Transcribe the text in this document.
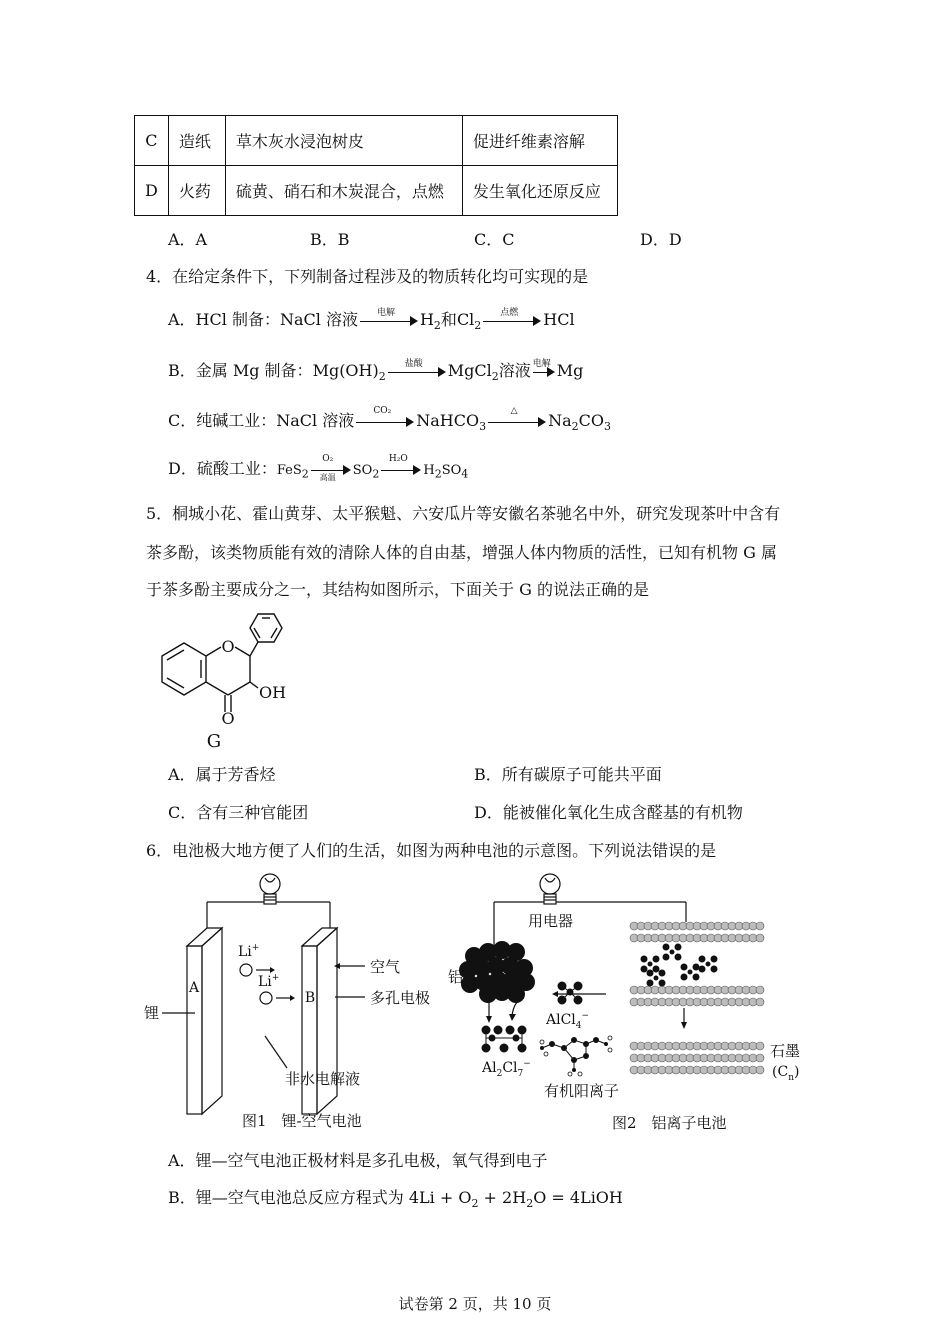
C	造纸	草木灰水浸泡树皮	促进纤维素溶解
D	火药	硫黄、硝石和木炭混合，点燃	发生氧化还原反应
A．A	B．B	C．C	D．D
4．在给定条件下，下列制备过程涉及的物质转化均可实现的是
A．HCl 制备：NaCl 溶液	电解	$H_2$和$Cl_2$
点燃	HCl
B．金属 Mg 制备：$Mg(OH)_2$
盐酸	MgCl$_2$溶液 电解 Mg
C．纯碱工业：NaCl 溶液
CO₂
NaHCO$_3$
△
$Na_2CO_3$
D．硫酸工业：FeS$_2$
O₂
高温	$SO_2$
H₂O
$H_2SO_4$
5．桐城小花、霍山黄芽、太平猴魁、六安瓜片等安徽名茶驰名中外，研究发现茶叶中含有
茶多酚，该类物质能有效的清除人体的自由基，增强人体内物质的活性，已知有机物 G 属
于茶多酚主要成分之一，其结构如图所示，下面关于 G 的说法正确的是
O
OH
O
G
A．属于芳香烃	B．所有碳原子可能共平面
C．含有三种官能团	D．能被催化氧化生成含醛基的有机物
6．电池极大地方便了人们的生活，如图为两种电池的示意图。下列说法错误的是
Li+
Li+
A
B
锂
空气
多孔电极
非水电解液
图1　锂-空气电池
用电器
铝
AlCl$_4$−
$Al_2Cl_7^-$
有机阳离子
石墨
$(C_n)$
图2　铝离子电池
A．锂—空气电池正极材料是多孔电极，氧气得到电子
B．锂—空气电池总反应方程式为 $4Li + O_2 + 2H_2O$ = 4LiOH
试卷第 2 页，共 10 页
